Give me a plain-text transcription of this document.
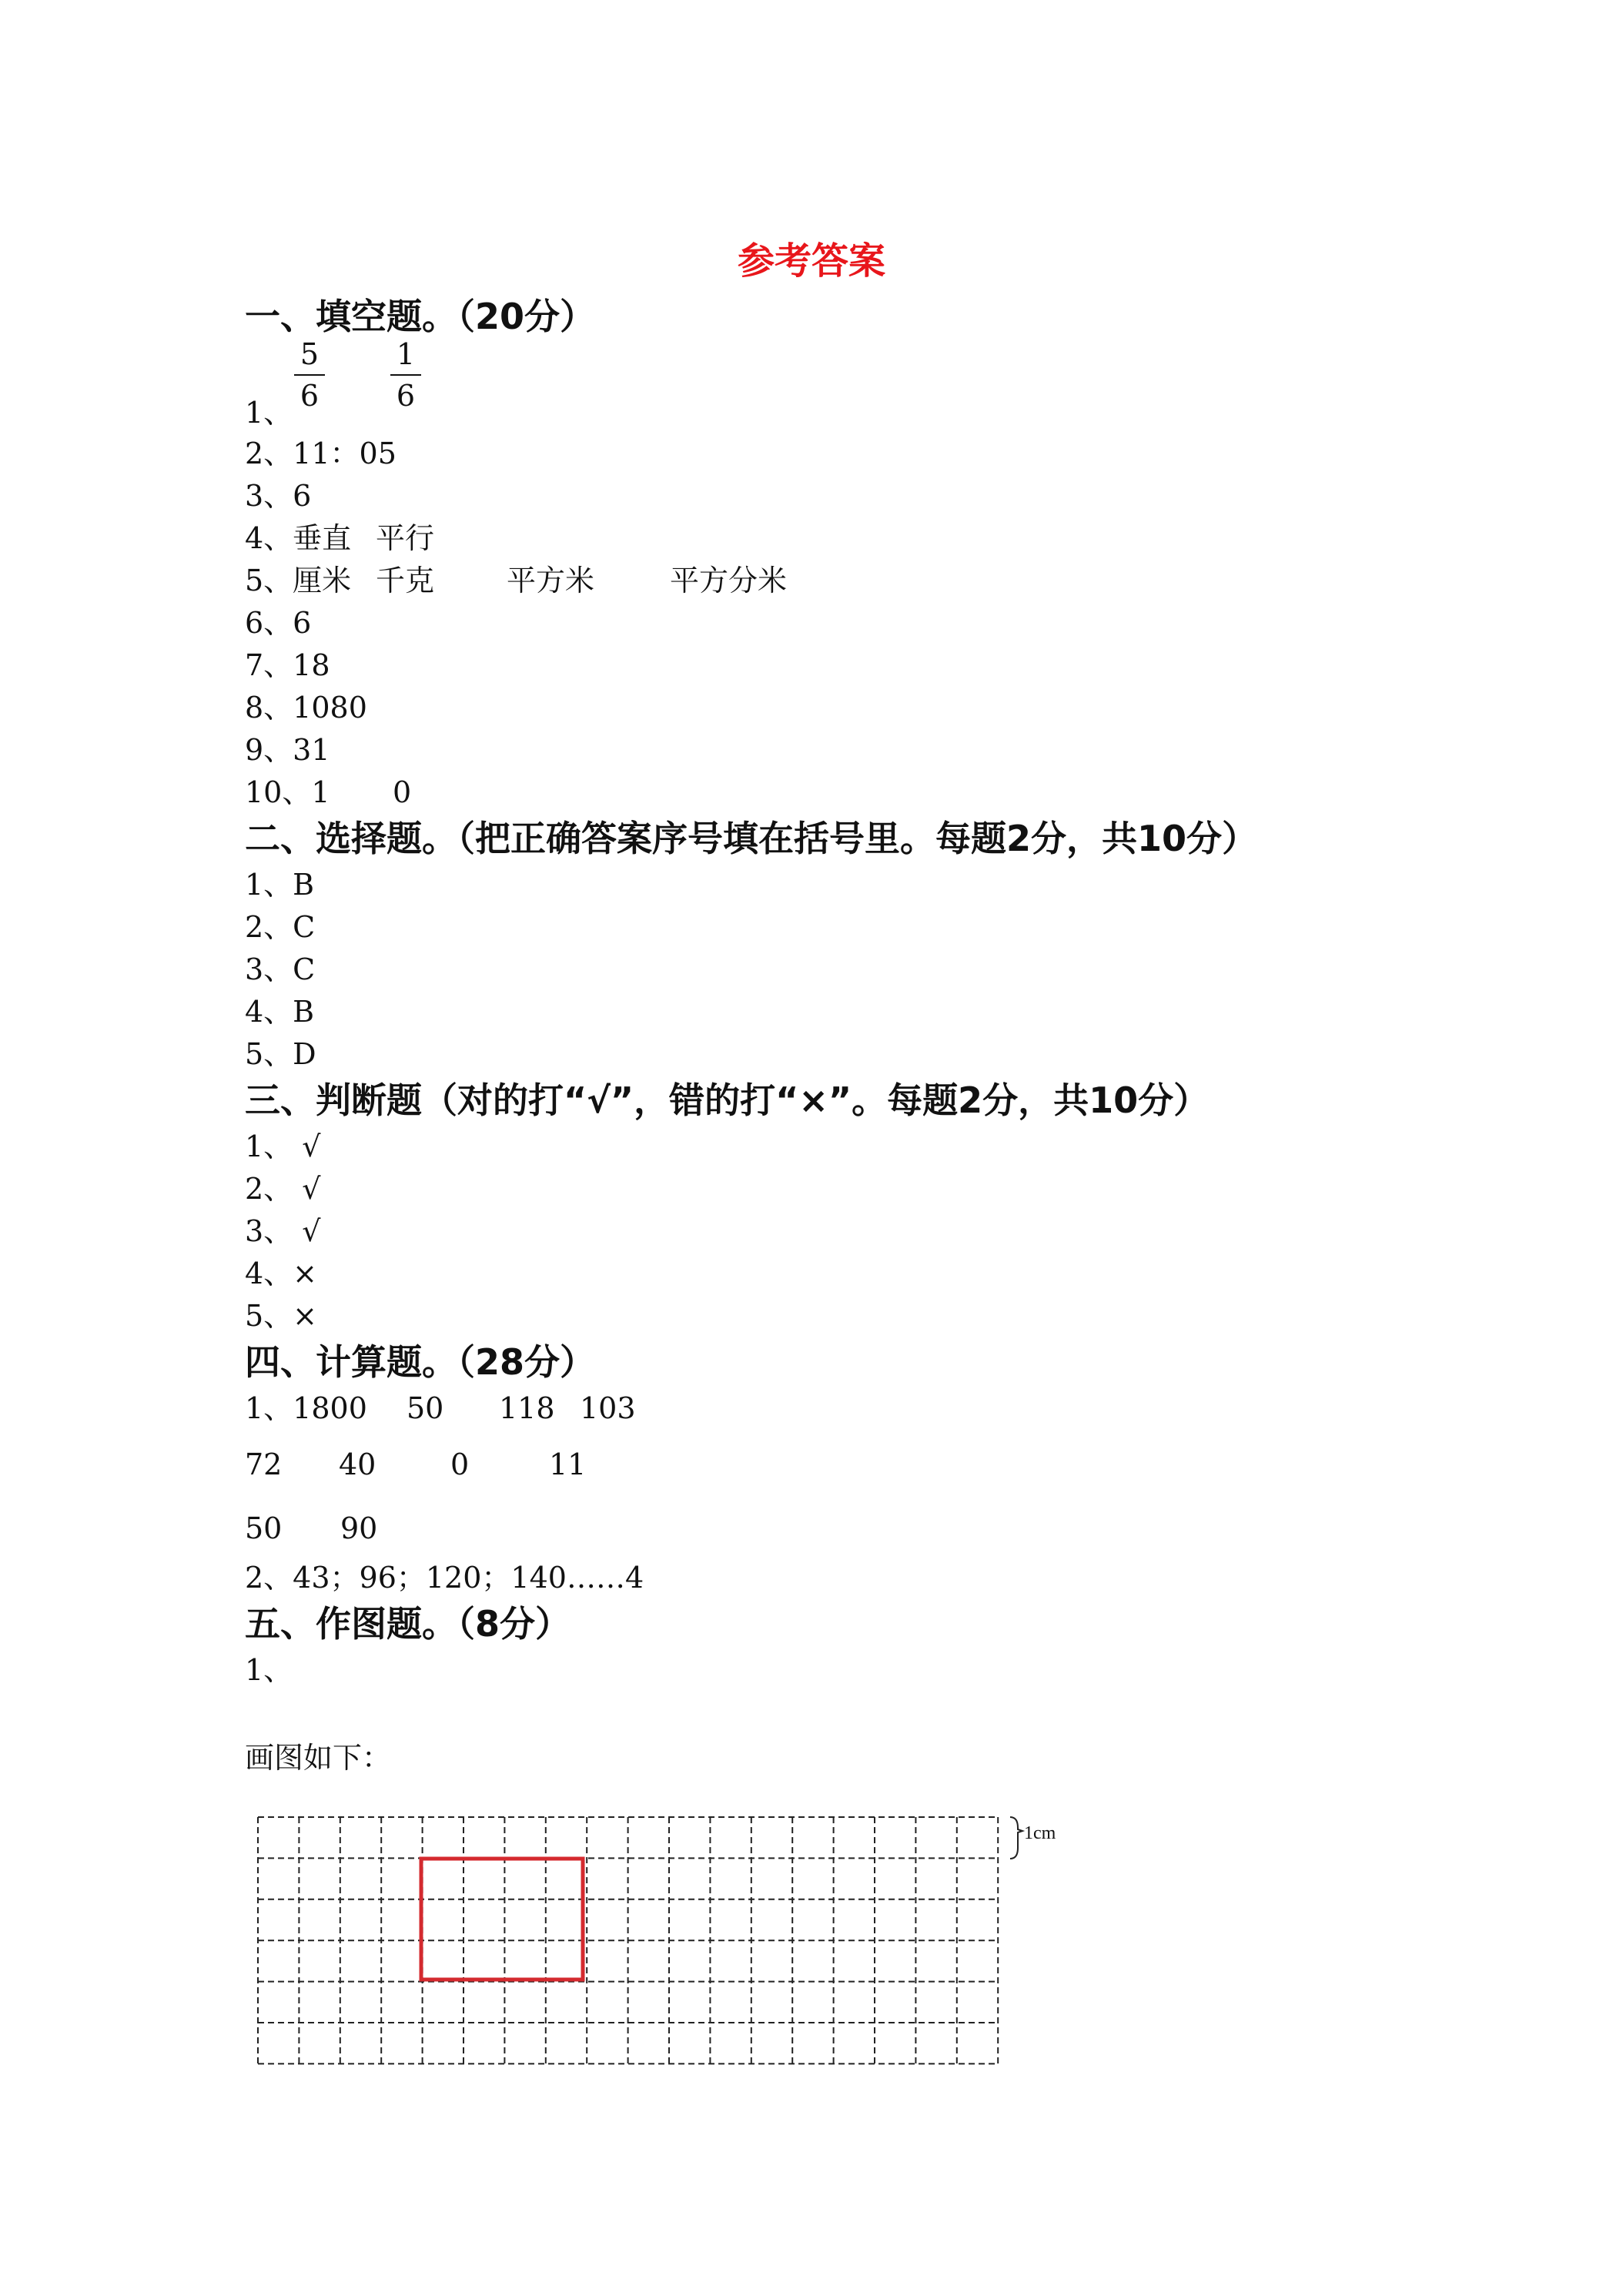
参考答案
一、填空题。（20分）
$\frac{5}{6} \frac{1}{6}$
1、
2、11：05
3、6
4、垂直 平行
5、厘米 千克 平方米	平方分米
6、6
7、18
8、1080
9、31
10、1 0
二、选择题。（把正确答案序号填在括号里。每题2分，共10分）
1、B
2、C
3、C
4、B
5、D
三、判断题（对的打“√”，错的打“×”。每题2分，共10分）
1、 √
2、 √
3、 √
4、×
5、×
四、计算题。（28分）
1、1800 50 118 103
72 40	0	11
50 90
2、43；96；120；140……4
五、作图题。（8分）
1、
画图如下：
1cm
